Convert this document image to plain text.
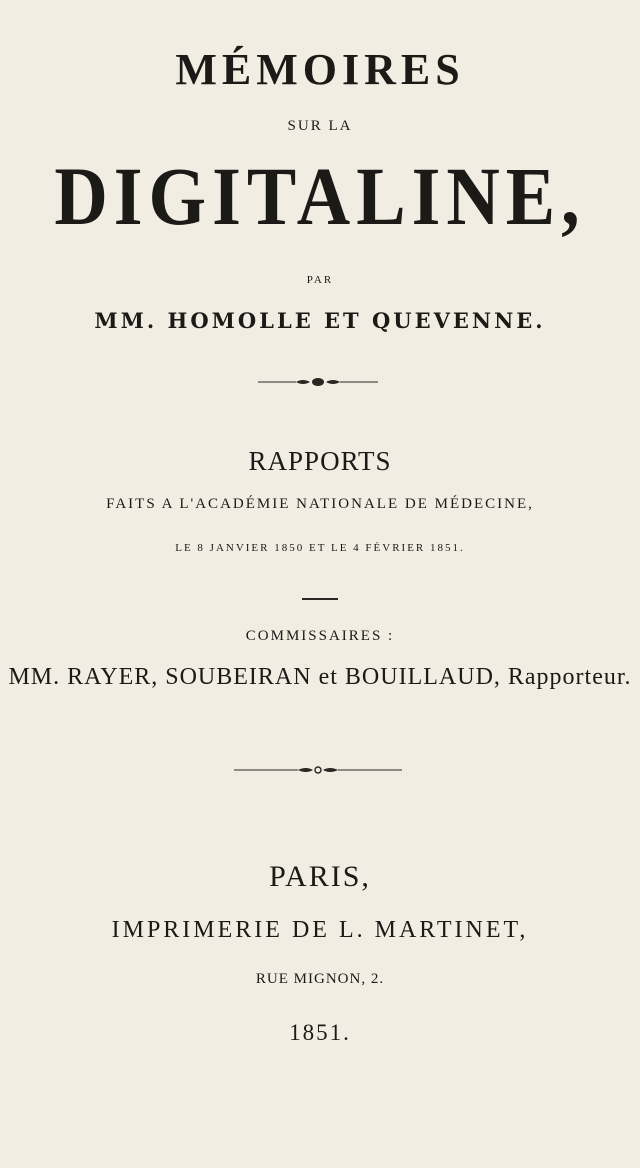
MÉMOIRES
SUR LA
DIGITALINE,
PAR
MM. HOMOLLE ET QUEVENNE.
RAPPORTS
FAITS A L'ACADÉMIE NATIONALE DE MÉDECINE,
LE 8 JANVIER 1850 ET LE 4 FÉVRIER 1851.
COMMISSAIRES :
MM. RAYER, SOUBEIRAN et BOUILLAUD, Rapporteur.
PARIS,
IMPRIMERIE DE L. MARTINET,
RUE MIGNON, 2.
1851.
